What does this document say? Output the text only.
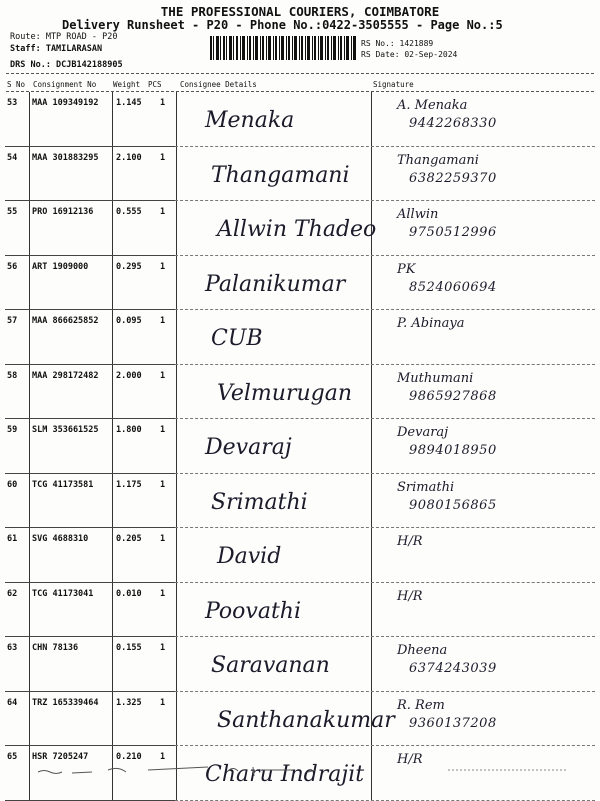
THE PROFESSIONAL COURIERS, COIMBATORE
Delivery Runsheet - P20 - Phone No.:0422-3505555 - Page No.:5
Route: MTP ROAD - P20
Staff: TAMILARASAN
DRS No.: DCJB142188905
RS No.: 1421889
RS Date: 02-Sep-2024
S No Consignment No Weight PCS Consignee Details	Signature
53 MAA 109349192 1.145 1
Menaka
A. Menaka
9442268330
54 MAA 301883295 2.100 1
Thangamani
Thangamani
6382259370
55 PRO 16912136	0.555 1
Allwin Thadeo
Allwin
9750512996
56 ART 1909000	0.295 1
Palanikumar
PK
8524060694
57 MAA 866625852 0.095 1
CUB
P. Abinaya
58 MAA 298172482 2.000 1
Velmurugan
Muthumani
9865927868
59 SLM 353661525 1.800 1
Devaraj
Devaraj
9894018950
60 TCG 41173581	1.175 1
Srimathi
Srimathi
9080156865
61 SVG 4688310	0.205 1
David
H/R
62 TCG 41173041	0.010 1
Poovathi
H/R
63 CHN 78136	0.155 1
Saravanan
Dheena
6374243039
64 TRZ 165339464 1.325 1
Santhanakumar
R. Rem
9360137208
65 HSR 7205247	0.210 1
Charu Indrajit
H/R
